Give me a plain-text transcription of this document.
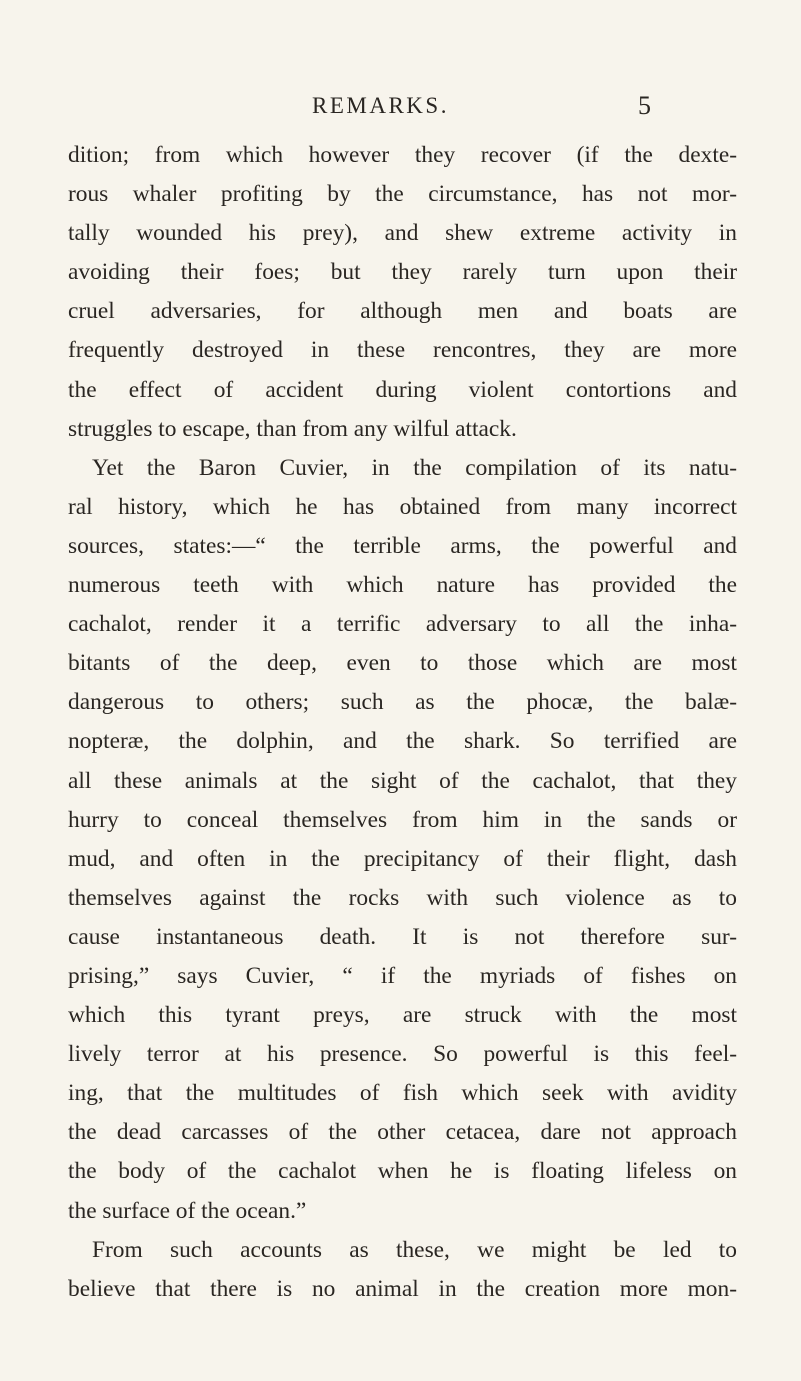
REMARKS.	5
dition; from which however they recover (if the dexte-
rous whaler profiting by the circumstance, has not mor-
tally wounded his prey), and shew extreme activity in
avoiding their foes; but they rarely turn upon their
cruel adversaries, for although men and boats are
frequently destroyed in these rencontres, they are more
the effect of accident during violent contortions and
struggles to escape, than from any wilful attack.
Yet the Baron Cuvier, in the compilation of its natu-
ral history, which he has obtained from many incorrect
sources, states:—“ the terrible arms, the powerful and
numerous teeth with which nature has provided the
cachalot, render it a terrific adversary to all the inha-
bitants of the deep, even to those which are most
dangerous to others; such as the phocæ, the balæ-
nopteræ, the dolphin, and the shark. So terrified are
all these animals at the sight of the cachalot, that they
hurry to conceal themselves from him in the sands or
mud, and often in the precipitancy of their flight, dash
themselves against the rocks with such violence as to
cause instantaneous death. It is not therefore sur-
prising,” says Cuvier, “ if the myriads of fishes on
which this tyrant preys, are struck with the most
lively terror at his presence. So powerful is this feel-
ing, that the multitudes of fish which seek with avidity
the dead carcasses of the other cetacea, dare not approach
the body of the cachalot when he is floating lifeless on
the surface of the ocean.”
From such accounts as these, we might be led to
believe that there is no animal in the creation more mon-
